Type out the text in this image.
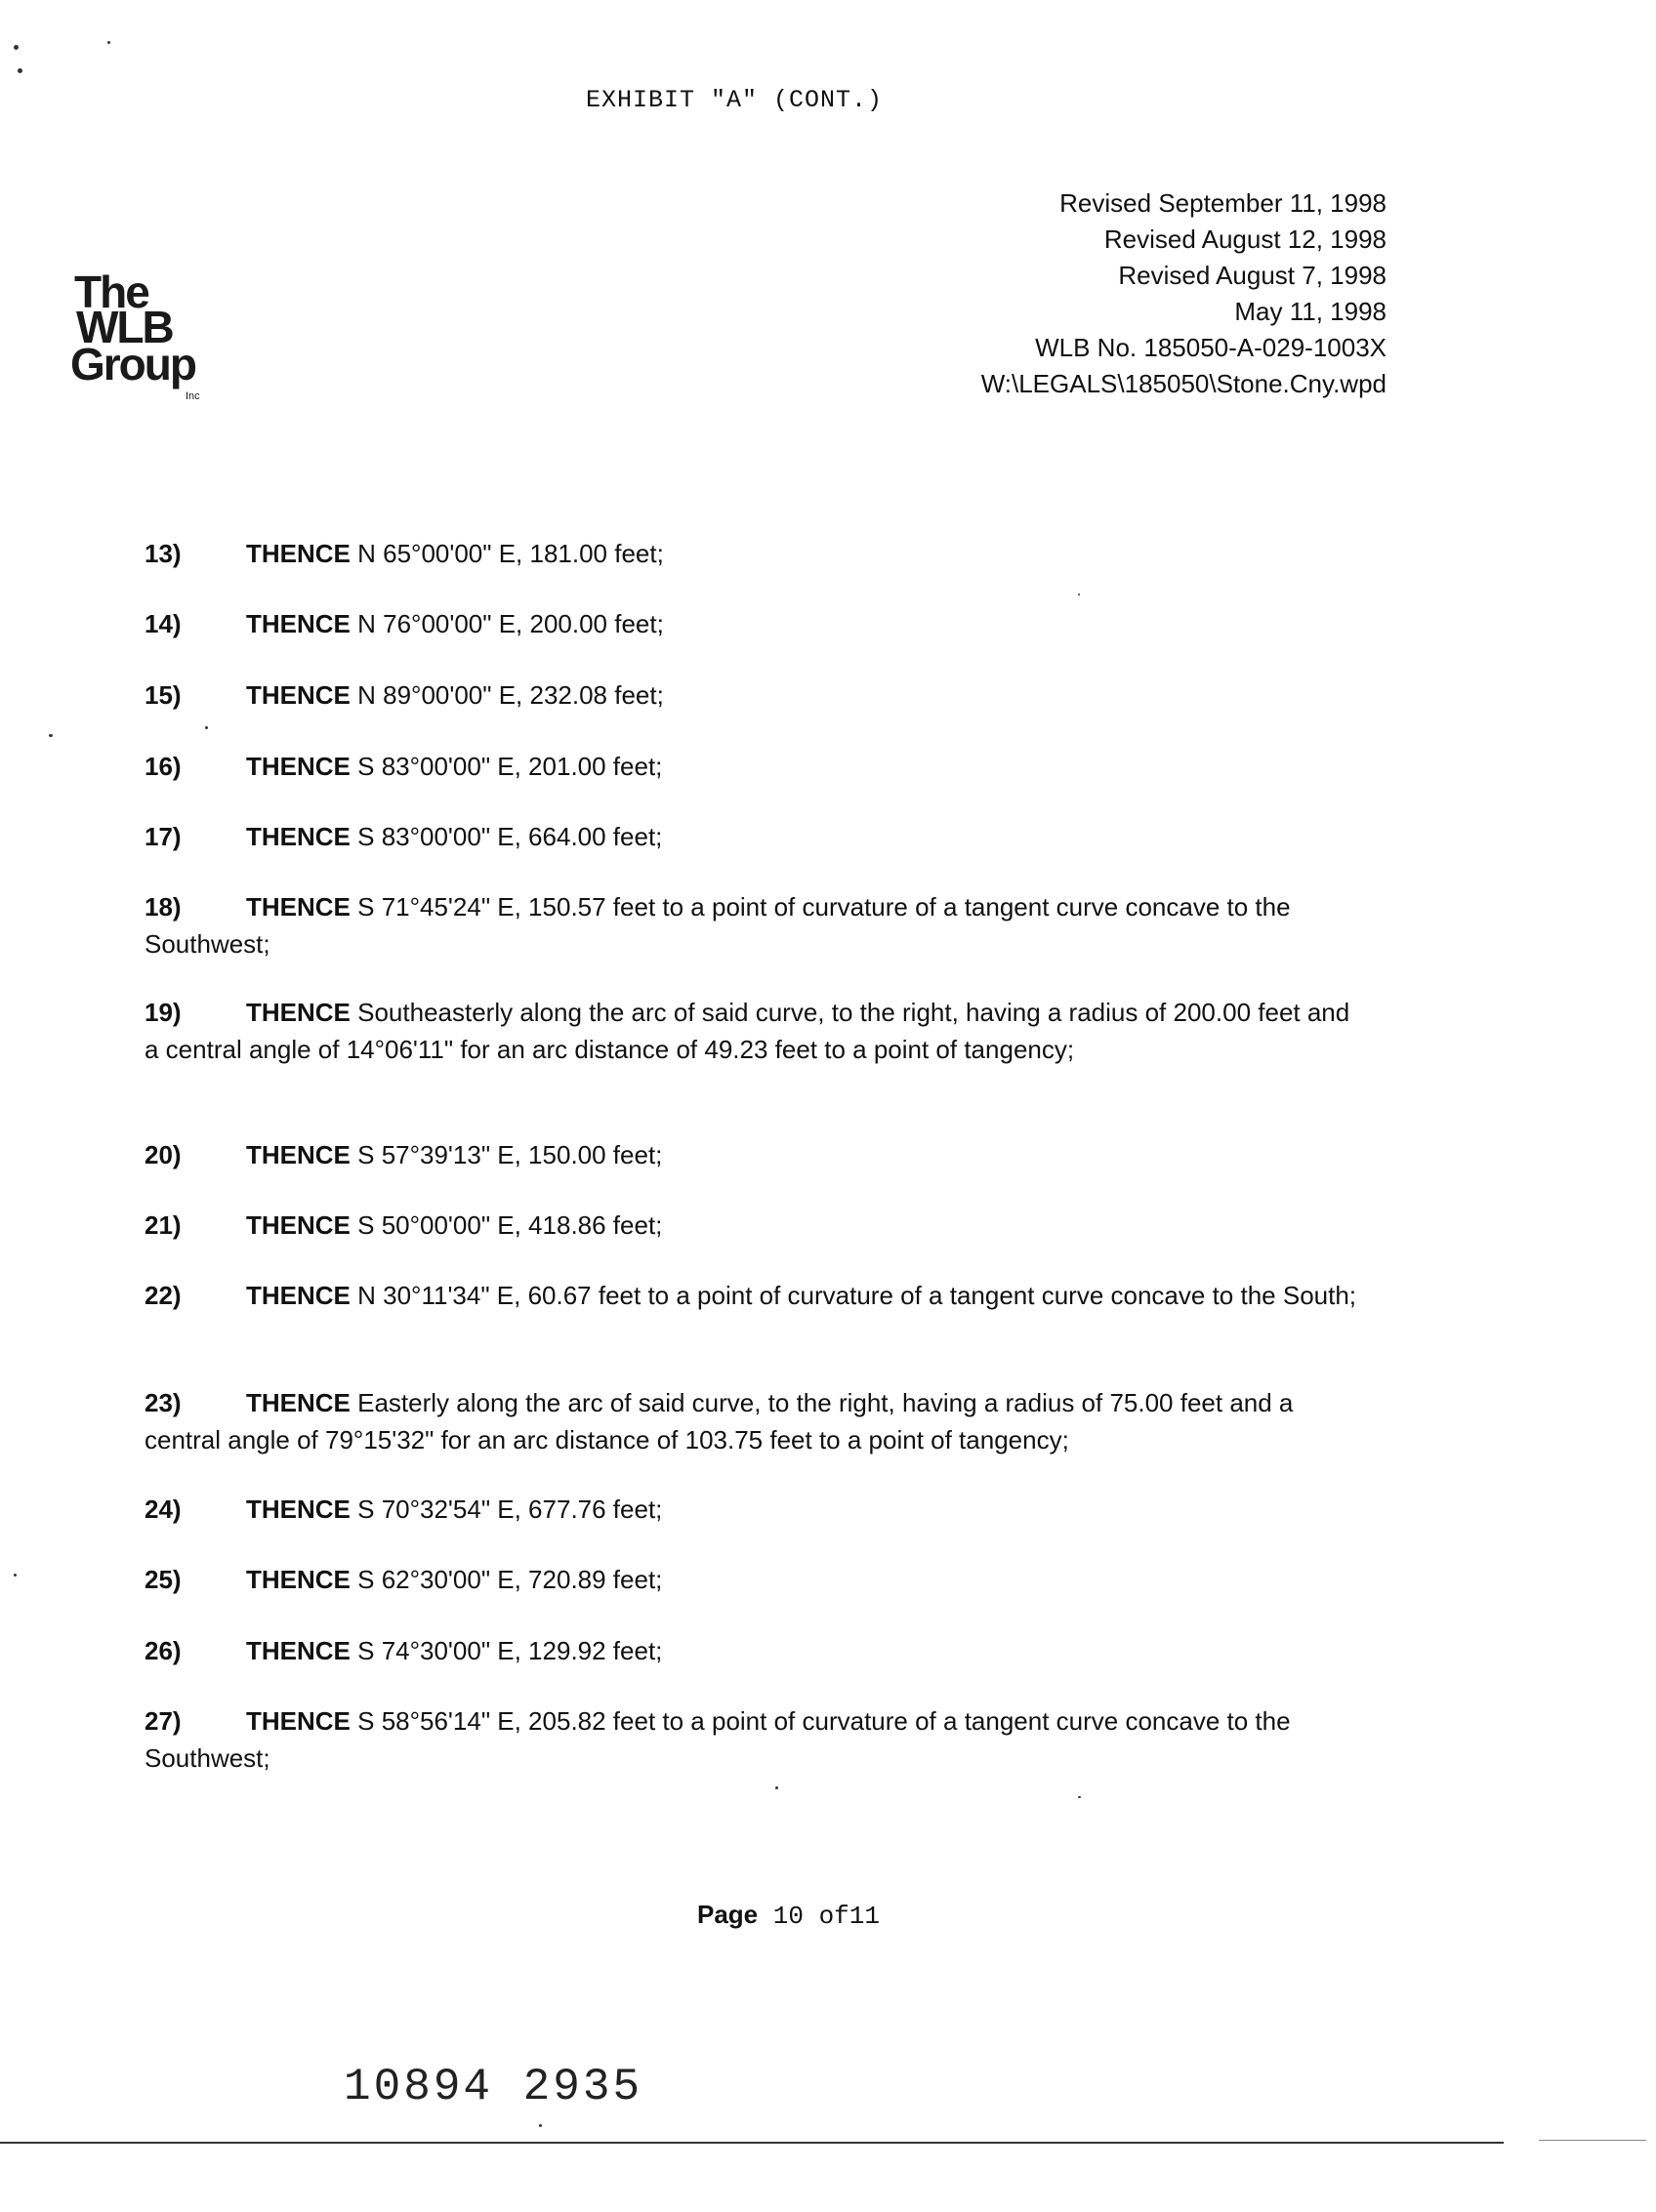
EXHIBIT "A" (CONT.)
Revised September 11, 1998
Revised August 12, 1998
Revised August 7, 1998
May 11, 1998
WLB No. 185050-A-029-1003X
W:\LEGALS\185050\Stone.Cny.wpd
The
WLB
Group
Inc
13)	THENCE N 65°00'00" E, 181.00 feet;
14)	THENCE N 76°00'00" E, 200.00 feet;
15)	THENCE N 89°00'00" E, 232.08 feet;
16)	THENCE S 83°00'00" E, 201.00 feet;
17)	THENCE S 83°00'00" E, 664.00 feet;
18)	THENCE S 71°45'24" E, 150.57 feet to a point of curvature of a tangent curve concave to the Southwest;
19)	THENCE Southeasterly along the arc of said curve, to the right, having a radius of 200.00 feet and a central angle of 14°06'11" for an arc distance of 49.23 feet to a point of tangency;
20)	THENCE S 57°39'13" E, 150.00 feet;
21)	THENCE S 50°00'00" E, 418.86 feet;
22)	THENCE N 30°11'34" E, 60.67 feet to a point of curvature of a tangent curve concave to the South;
23)	THENCE Easterly along the arc of said curve, to the right, having a radius of 75.00 feet and a central angle of 79°15'32" for an arc distance of 103.75 feet to a point of tangency;
24)	THENCE S 70°32'54" E, 677.76 feet;
25)	THENCE S 62°30'00" E, 720.89 feet;
26)	THENCE S 74°30'00" E, 129.92 feet;
27)	THENCE S 58°56'14" E, 205.82 feet to a point of curvature of a tangent curve concave to the Southwest;
Page 10 of11
10894 2935
